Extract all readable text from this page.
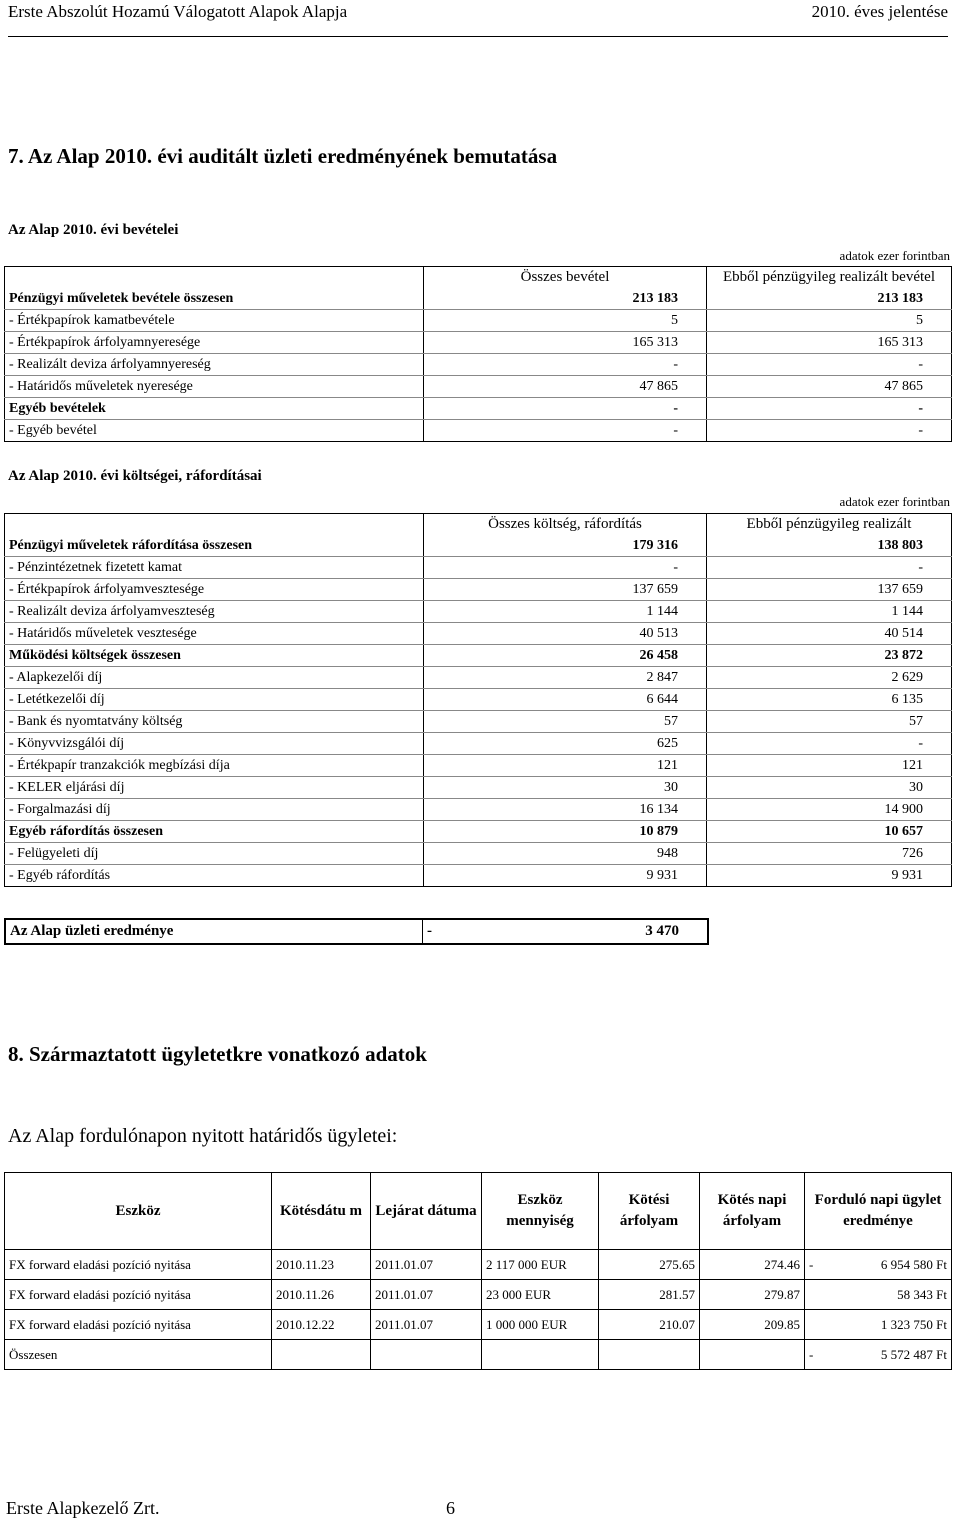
Erste Abszolút Hozamú Válogatott Alapok Alapja	2010. éves jelentése
7. Az Alap 2010. évi auditált üzleti eredményének bemutatása
Az Alap 2010. évi bevételei
adatok ezer forintban
	Összes bevétel	Ebből pénzügyileg realizált bevétel
Pénzügyi műveletek bevétele összesen	213 183	213 183
- Értékpapírok kamatbevétele	5	5
- Értékpapírok árfolyamnyeresége	165 313	165 313
- Realizált deviza árfolyamnyereség	-	-
- Határidős műveletek nyeresége	47 865	47 865
Egyéb bevételek	-	-
- Egyéb bevétel	-	-
Az Alap 2010. évi költségei, ráfordításai
adatok ezer forintban
	Összes költség, ráfordítás	Ebből pénzügyileg realizált
Pénzügyi műveletek ráfordítása összesen	179 316	138 803
- Pénzintézetnek fizetett kamat	-	-
- Értékpapírok árfolyamvesztesége	137 659	137 659
- Realizált deviza árfolyamveszteség	1 144	1 144
- Határidős műveletek vesztesége	40 513	40 514
Működési költségek összesen	26 458	23 872
- Alapkezelői díj	2 847	2 629
- Letétkezelői díj	6 644	6 135
- Bank és nyomtatvány költség	57	57
- Könyvvizsgálói díj	625	-
- Értékpapír tranzakciók megbízási díja	121	121
- KELER eljárási díj	30	30
- Forgalmazási díj	16 134	14 900
Egyéb ráfordítás összesen	10 879	10 657
- Felügyeleti díj	948	726
- Egyéb ráfordítás	9 931	9 931
Az Alap üzleti eredménye	-	3 470
8. Származtatott ügyletetkre vonatkozó adatok
Az Alap fordulónapon nyitott határidős ügyletei:
Eszköz	Kötésdátu m	Lejárat dátuma	Eszköz mennyiség	Kötési árfolyam	Kötés napi árfolyam	Forduló napi ügylet eredménye
FX forward eladási pozíció nyitása	2010.11.23	2011.01.07	2 117 000 EUR	275.65	274.46	- 6 954 580 Ft
FX forward eladási pozíció nyitása	2010.11.26	2011.01.07	23 000 EUR	281.57	279.87	58 343 Ft
FX forward eladási pozíció nyitása	2010.12.22	2011.01.07	1 000 000 EUR	210.07	209.85	1 323 750 Ft
Összesen						- 5 572 487 Ft
Erste Alapkezelő Zrt.	6
